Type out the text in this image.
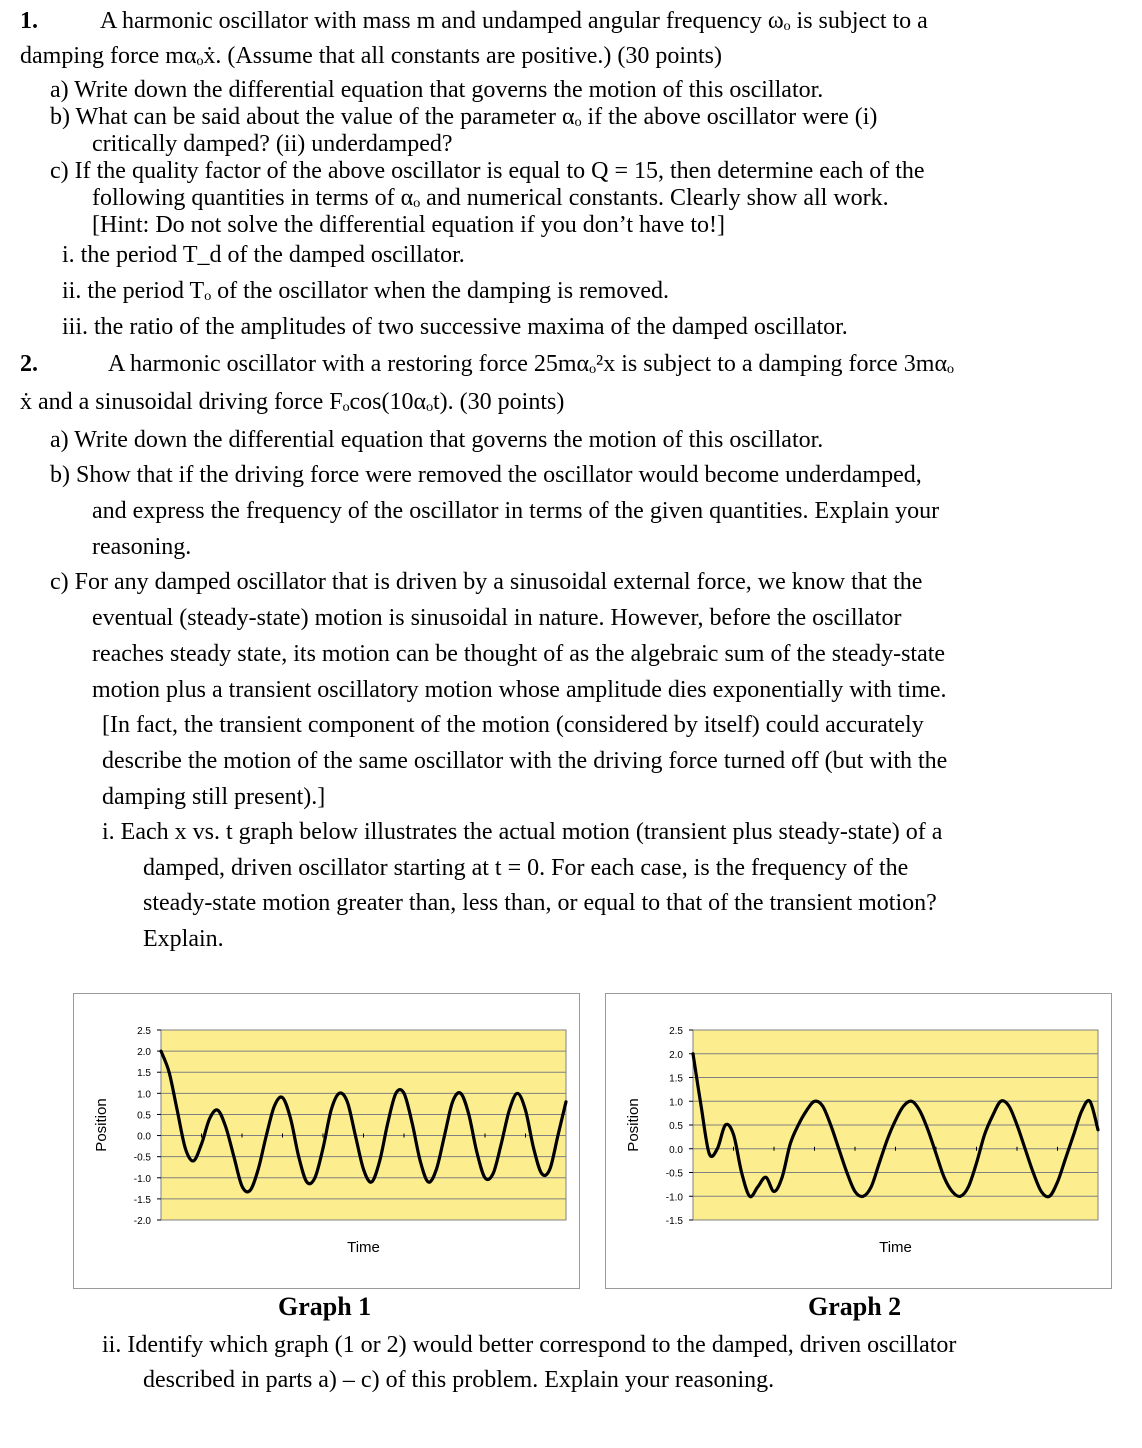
1.	A harmonic oscillator with mass m and undamped angular frequency ωₒ is subject to a
damping force mαₒẋ. (Assume that all constants are positive.) (30 points)
a) Write down the differential equation that governs the motion of this oscillator.
b) What can be said about the value of the parameter αₒ if the above oscillator were (i)
critically damped? (ii) underdamped?
c) If the quality factor of the above oscillator is equal to Q = 15, then determine each of the
following quantities in terms of αₒ and numerical constants. Clearly show all work.
[Hint: Do not solve the differential equation if you don’t have to!]
i. the period T_d of the damped oscillator.
ii. the period Tₒ of the oscillator when the damping is removed.
iii. the ratio of the amplitudes of two successive maxima of the damped oscillator.
2.	A harmonic oscillator with a restoring force 25mαₒ²x is subject to a damping force 3mαₒ
ẋ and a sinusoidal driving force Fₒcos(10αₒt). (30 points)
a) Write down the differential equation that governs the motion of this oscillator.
b) Show that if the driving force were removed the oscillator would become underdamped,
and express the frequency of the oscillator in terms of the given quantities. Explain your
reasoning.
c) For any damped oscillator that is driven by a sinusoidal external force, we know that the
eventual (steady-state) motion is sinusoidal in nature. However, before the oscillator
reaches steady state, its motion can be thought of as the algebraic sum of the steady-state
motion plus a transient oscillatory motion whose amplitude dies exponentially with time.
[In fact, the transient component of the motion (considered by itself) could accurately
describe the motion of the same oscillator with the driving force turned off (but with the
damping still present).]
i. Each x vs. t graph below illustrates the actual motion (transient plus steady-state) of a
damped, driven oscillator starting at t = 0. For each case, is the frequency of the
steady-state motion greater than, less than, or equal to that of the transient motion?
Explain.
2.5
2.0
1.5
1.0
0.5
0.0
-0.5
-1.0
-1.5
-2.0
Time
Position
2.5
2.0
1.5
1.0
0.5
0.0
-0.5
-1.0
-1.5
Time
Position
Graph 1	Graph 2
ii. Identify which graph (1 or 2) would better correspond to the damped, driven oscillator
described in parts a) – c) of this problem. Explain your reasoning.
